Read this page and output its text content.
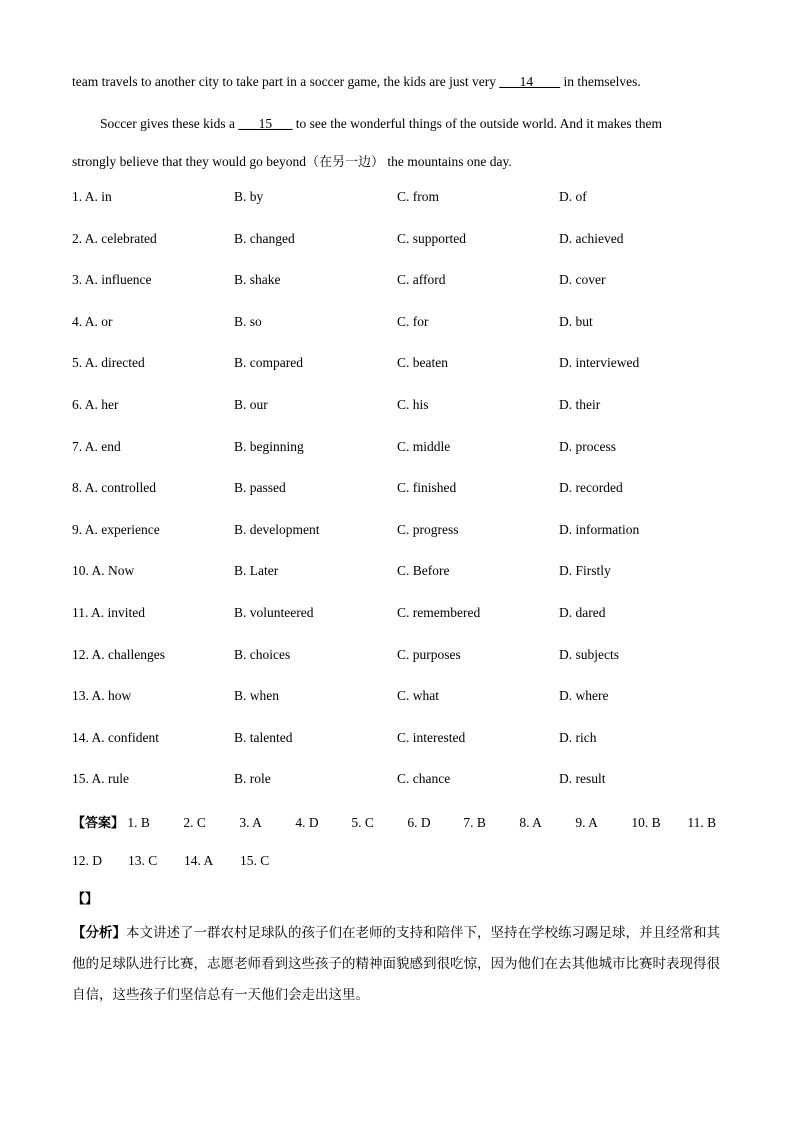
team travels to another city to take part in a soccer game, the kids are just very ___14____ in themselves.
Soccer gives these kids a ___15___ to see the wonderful things of the outside world. And it makes them
strongly believe that they would go beyond（在另一边） the mountains one day.
1. A. in	B. by	C. from	D. of
2. A. celebrated	B. changed	C. supported	D. achieved
3. A. influence	B. shake	C. afford	D. cover
4. A. or	B. so	C. for	D. but
5. A. directed	B. compared	C. beaten	D. interviewed
6. A. her	B. our	C. his	D. their
7. A. end	B. beginning	C. middle	D. process
8. A. controlled	B. passed	C. finished	D. recorded
9. A. experience	B. development	C. progress	D. information
10. A. Now	B. Later	C. Before	D. Firstly
11. A. invited	B. volunteered	C. remembered	D. dared
12. A. challenges	B. choices	C. purposes	D. subjects
13. A. how	B. when	C. what	D. where
14. A. confident	B. talented	C. interested	D. rich
15. A. rule	B. role	C. chance	D. result
【答案】 1. B 2. C 3. A 4. D 5. C 6. D 7. B 8. A 9. A 10. B 11. B
12. D 13. C 14. A 15. C
【】
【分析】本文讲述了一群农村足球队的孩子们在老师的支持和陪伴下，坚持在学校练习踢足球，并且经常和其他的足球队进行比赛，志愿老师看到这些孩子的精神面貌感到很吃惊，因为他们在去其他城市比赛时表现得很自信，这些孩子们坚信总有一天他们会走出这里。
